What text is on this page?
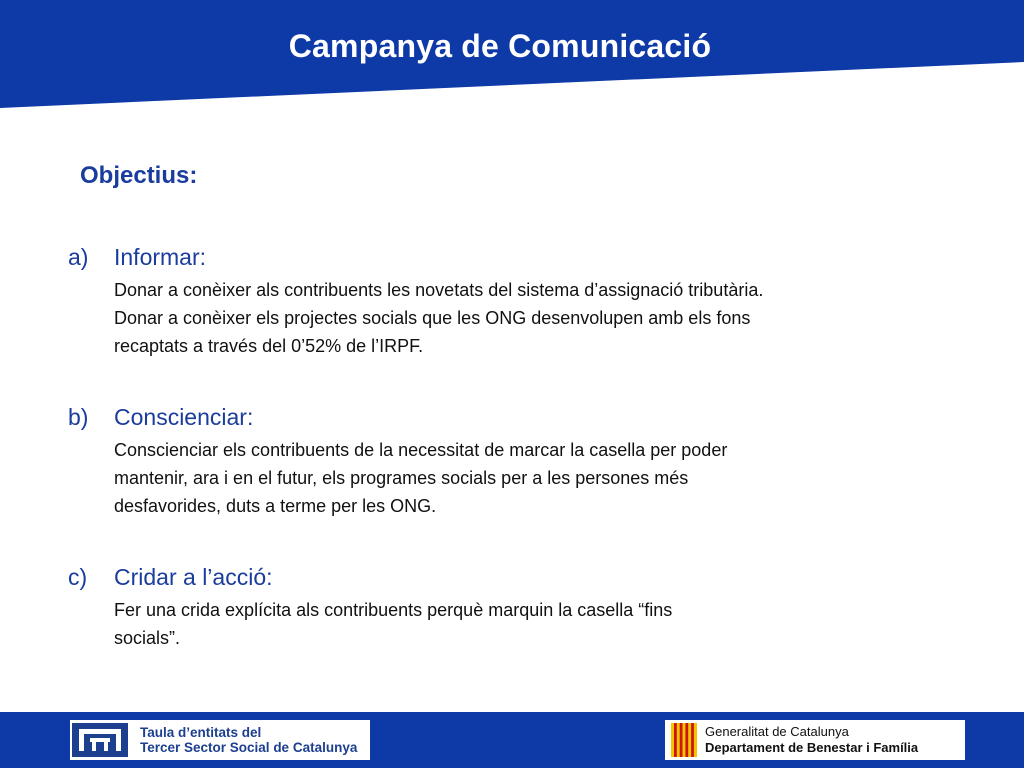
Campanya de Comunicació
Objectius:
a)	Informar:
Donar a conèixer als contribuents les novetats del sistema d’assignació tributària.
Donar a conèixer els projectes socials que les ONG desenvolupen amb els fons
recaptats a través del 0’52% de l’IRPF.
b)	Conscienciar:
Conscienciar els contribuents de la necessitat de marcar la casella per poder
mantenir, ara i en el futur, els programes socials per a les persones més
desfavorides, duts a terme per les ONG.
c)	Cridar a l’acció:
Fer una crida explícita als contribuents perquè marquin la casella “fins
socials”.
Taula d’entitats del
Tercer Sector Social de Catalunya
Generalitat de Catalunya
Departament de Benestar i Família
